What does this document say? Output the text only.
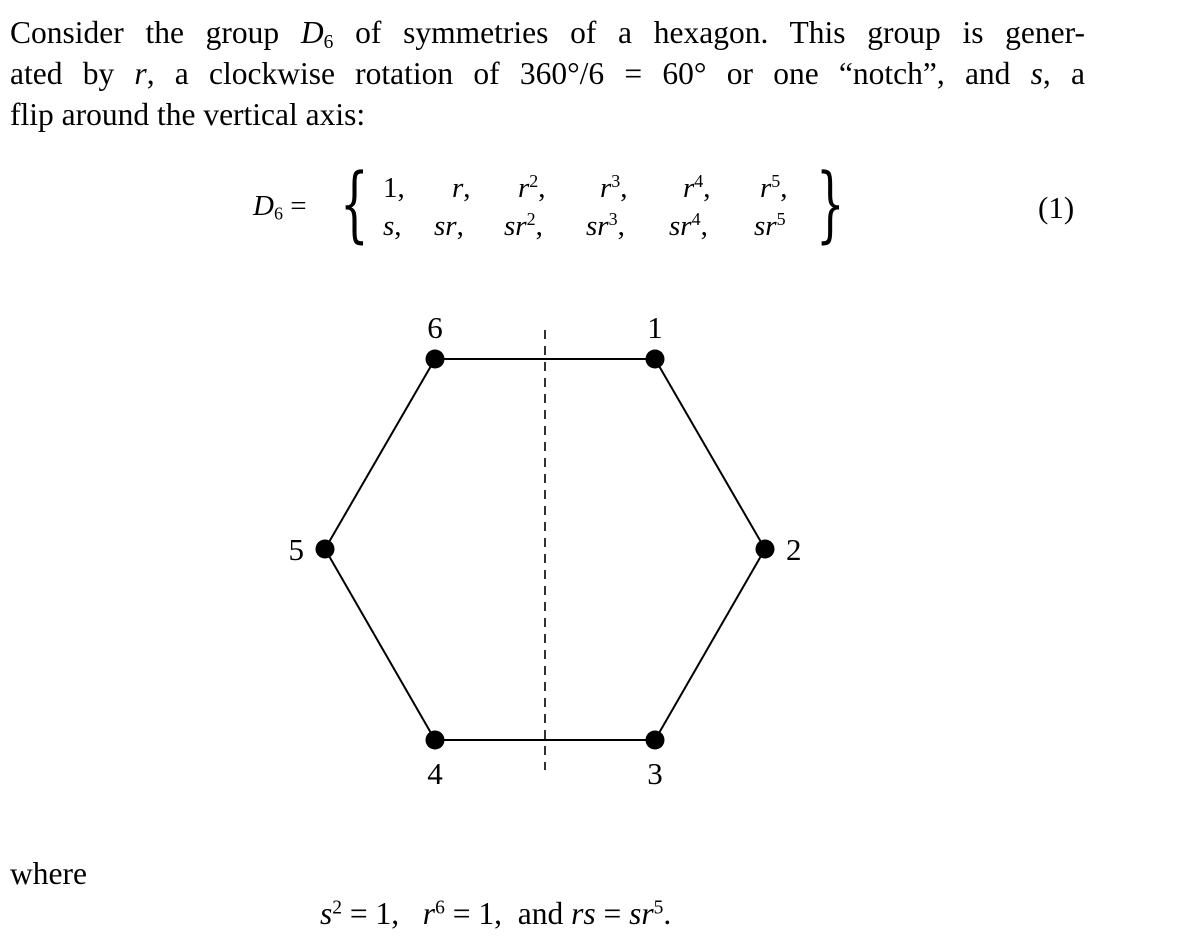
Consider the group $D_6$ of symmetries of a hexagon. This group is gener-
ated by r, a clockwise rotation of 360°/6 = 60° or one “notch”, and s, a
flip around the vertical axis:
$D_6$ = { 1, r, $r^2$, $r^3$, $r^4$, $r^5$,
s, sr, $sr^2$, $sr^3$, $sr^4$, $sr^5$ }	(1)
1
2
3
4
5
6
where
$s^2 = 1$, $r^6 = 1$, and rs = $sr^5$.
